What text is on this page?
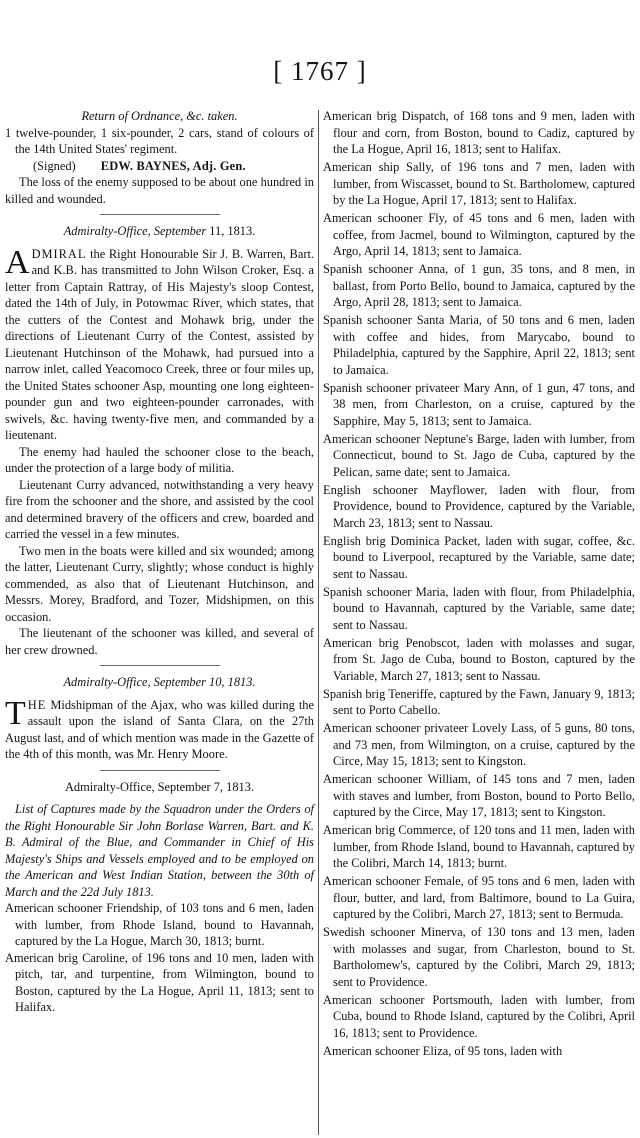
[ 1767 ]

Return of Ordnance, &c. taken.

1 twelve-pounder, 1 six-pounder, 2 cars, stand of colours of the 14th United States' regiment.

(Signed) EDW. BAYNES, Adj. Gen.

The loss of the enemy supposed to be about one hundred in killed and wounded.

Admiralty-Office, September 11, 1813.

ADMIRAL the Right Honourable Sir J. B. Warren, Bart. and K.B. has transmitted to John Wilson Croker, Esq. a letter from Captain Rattray, of His Majesty's sloop Contest, dated the 14th of July, in Potowmac River, which states, that the cutters of the Contest and Mohawk brig, under the directions of Lieutenant Curry of the Contest, assisted by Lieutenant Hutchinson of the Mohawk, had pursued into a narrow inlet, called Yeacomoco Creek, three or four miles up, the United States schooner Asp, mounting one long eighteen-pounder gun and two eighteen-pounder carronades, with swivels, &c. having twenty-five men, and commanded by a lieutenant.

The enemy had hauled the schooner close to the beach, under the protection of a large body of militia.

Lieutenant Curry advanced, notwithstanding a very heavy fire from the schooner and the shore, and assisted by the cool and determined bravery of the officers and crew, boarded and carried the vessel in a few minutes.

Two men in the boats were killed and six wounded; among the latter, Lieutenant Curry, slightly; whose conduct is highly commended, as also that of Lieutenant Hutchinson, and Messrs. Morey, Bradford, and Tozer, Midshipmen, on this occasion.

The lieutenant of the schooner was killed, and several of her crew drowned.

Admiralty-Office, September 10, 1813.

THE Midshipman of the Ajax, who was killed during the assault upon the island of Santa Clara, on the 27th August last, and of which mention was made in the Gazette of the 4th of this month, was Mr. Henry Moore.

Admiralty-Office, September 7, 1813.

List of Captures made by the Squadron under the Orders of the Right Honourable Sir John Borlase Warren, Bart. and K. B. Admiral of the Blue, and Commander in Chief of His Majesty's Ships and Vessels employed and to be employed on the American and West Indian Station, between the 30th of March and the 22d July 1813.

American schooner Friendship, of 103 tons and 6 men, laden with lumber, from Rhode Island, bound to Havannah, captured by the La Hogue, March 30, 1813; burnt.

American brig Caroline, of 196 tons and 10 men, laden with pitch, tar, and turpentine, from Wilmington, bound to Boston, captured by the La Hogue, April 11, 1813; sent to Halifax.

American brig Dispatch, of 168 tons and 9 men, laden with flour and corn, from Boston, bound to Cadiz, captured by the La Hogue, April 16, 1813; sent to Halifax.

American ship Sally, of 196 tons and 7 men, laden with lumber, from Wiscasset, bound to St. Bartholomew, captured by the La Hogue, April 17, 1813; sent to Halifax.

American schooner Fly, of 45 tons and 6 men, laden with coffee, from Jacmel, bound to Wilmington, captured by the Argo, April 14, 1813; sent to Jamaica.

Spanish schooner Anna, of 1 gun, 35 tons, and 8 men, in ballast, from Porto Bello, bound to Jamaica, captured by the Argo, April 28, 1813; sent to Jamaica.

Spanish schooner Santa Maria, of 50 tons and 6 men, laden with coffee and hides, from Marycabo, bound to Philadelphia, captured by the Sapphire, April 22, 1813; sent to Jamaica.

Spanish schooner privateer Mary Ann, of 1 gun, 47 tons, and 38 men, from Charleston, on a cruise, captured by the Sapphire, May 5, 1813; sent to Jamaica.

American schooner Neptune's Barge, laden with lumber, from Connecticut, bound to St. Jago de Cuba, captured by the Pelican, same date; sent to Jamaica.

English schooner Mayflower, laden with flour, from Providence, bound to Providence, captured by the Variable, March 23, 1813; sent to Nassau.

English brig Dominica Packet, laden with sugar, coffee, &c. bound to Liverpool, recaptured by the Variable, same date; sent to Nassau.

Spanish schooner Maria, laden with flour, from Philadelphia, bound to Havannah, captured by the Variable, same date; sent to Nassau.

American brig Penobscot, laden with molasses and sugar, from St. Jago de Cuba, bound to Boston, captured by the Variable, March 27, 1813; sent to Nassau.

Spanish brig Teneriffe, captured by the Fawn, January 9, 1813; sent to Porto Cabello.

American schooner privateer Lovely Lass, of 5 guns, 80 tons, and 73 men, from Wilmington, on a cruise, captured by the Circe, May 15, 1813; sent to Kingston.

American schooner William, of 145 tons and 7 men, laden with staves and lumber, from Boston, bound to Porto Bello, captured by the Circe, May 17, 1813; sent to Kingston.

American brig Commerce, of 120 tons and 11 men, laden with lumber, from Rhode Island, bound to Havannah, captured by the Colibri, March 14, 1813; burnt.

American schooner Female, of 95 tons and 6 men, laden with flour, butter, and lard, from Baltimore, bound to La Guira, captured by the Colibri, March 27, 1813; sent to Bermuda.

Swedish schooner Minerva, of 130 tons and 13 men, laden with molasses and sugar, from Charleston, bound to St. Bartholomew's, captured by the Colibri, March 29, 1813; sent to Providence.

American schooner Portsmouth, laden with lumber, from Cuba, bound to Rhode Island, captured by the Colibri, April 16, 1813; sent to Providence.

American schooner Eliza, of 95 tons, laden with
